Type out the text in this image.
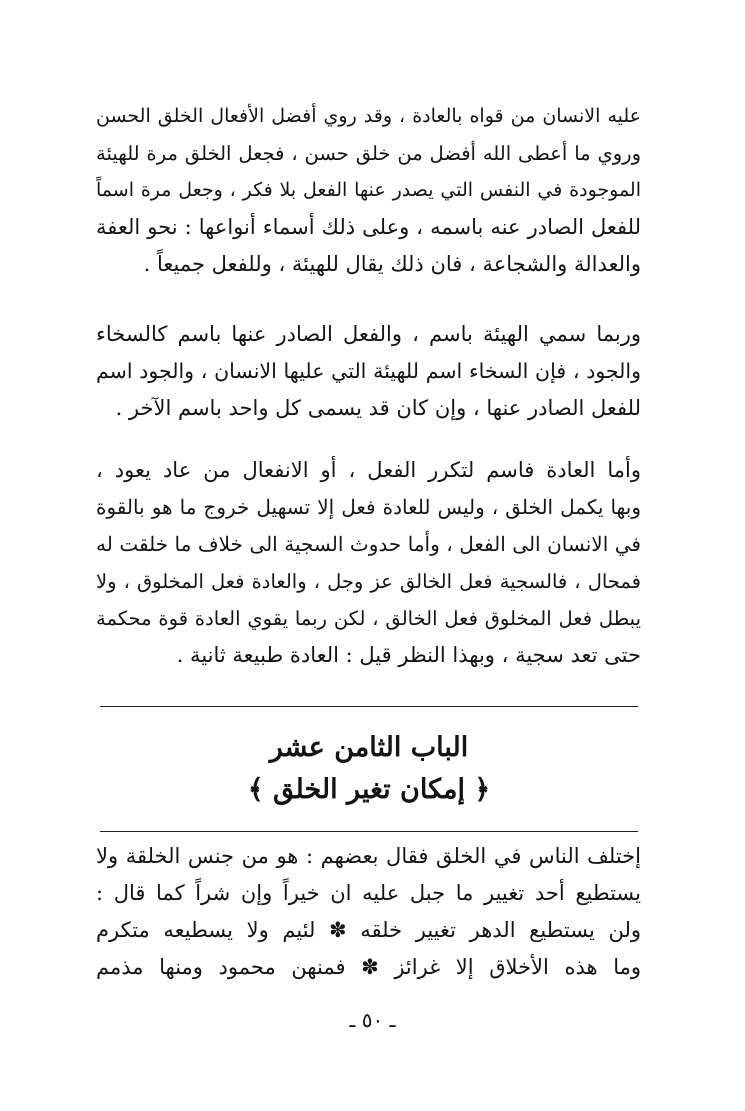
عليه الانسان من قواه بالعادة ، وقد روي أفضل الأفعال الخلق الحسن
وروي ما أعطى الله أفضل من خلق حسن ، فجعل الخلق مرة للهيئة
الموجودة في النفس التي يصدر عنها الفعل بلا فكر ، وجعل مرة اسماً
للفعل الصادر عنه باسمه ، وعلى ذلك أسماء أنواعها : نحو العفة
والعدالة والشجاعة ، فان ذلك يقال للهيئة ، وللفعل جميعاً .
وربما سمي الهيئة باسم ، والفعل الصادر عنها باسم كالسخاء
والجود ، فإن السخاء اسم للهيئة التي عليها الانسان ، والجود اسم
للفعل الصادر عنها ، وإن كان قد يسمى كل واحد باسم الآخر .
وأما العادة فاسم لتكرر الفعل ، أو الانفعال من عاد يعود ،
وبها يكمل الخلق ، وليس للعادة فعل إلا تسهيل خروج ما هو بالقوة
في الانسان الى الفعل ، وأما حدوث السجية الى خلاف ما خلقت له
فمحال ، فالسجية فعل الخالق عز وجل ، والعادة فعل المخلوق ، ولا
يبطل فعل المخلوق فعل الخالق ، لكن ربما يقوي العادة قوة محكمة
حتى تعد سجية ، وبهذا النظر قيل : العادة طبيعة ثانية .
الباب الثامن عشر
﴿ إمكان تغير الخلق ﴾
إختلف الناس في الخلق فقال بعضهم : هو من جنس الخلقة ولا
يستطيع أحد تغيير ما جبل عليه ان خيراً وإن شراً كما قال :
ولن يستطيع الدهر تغيير خلقه ✽ لئيم ولا يسطيعه متكرم
وما هذه الأخلاق إلا غرائز ✽ فمنهن محمود ومنها مذمم
ـ ٥٠ ـ
